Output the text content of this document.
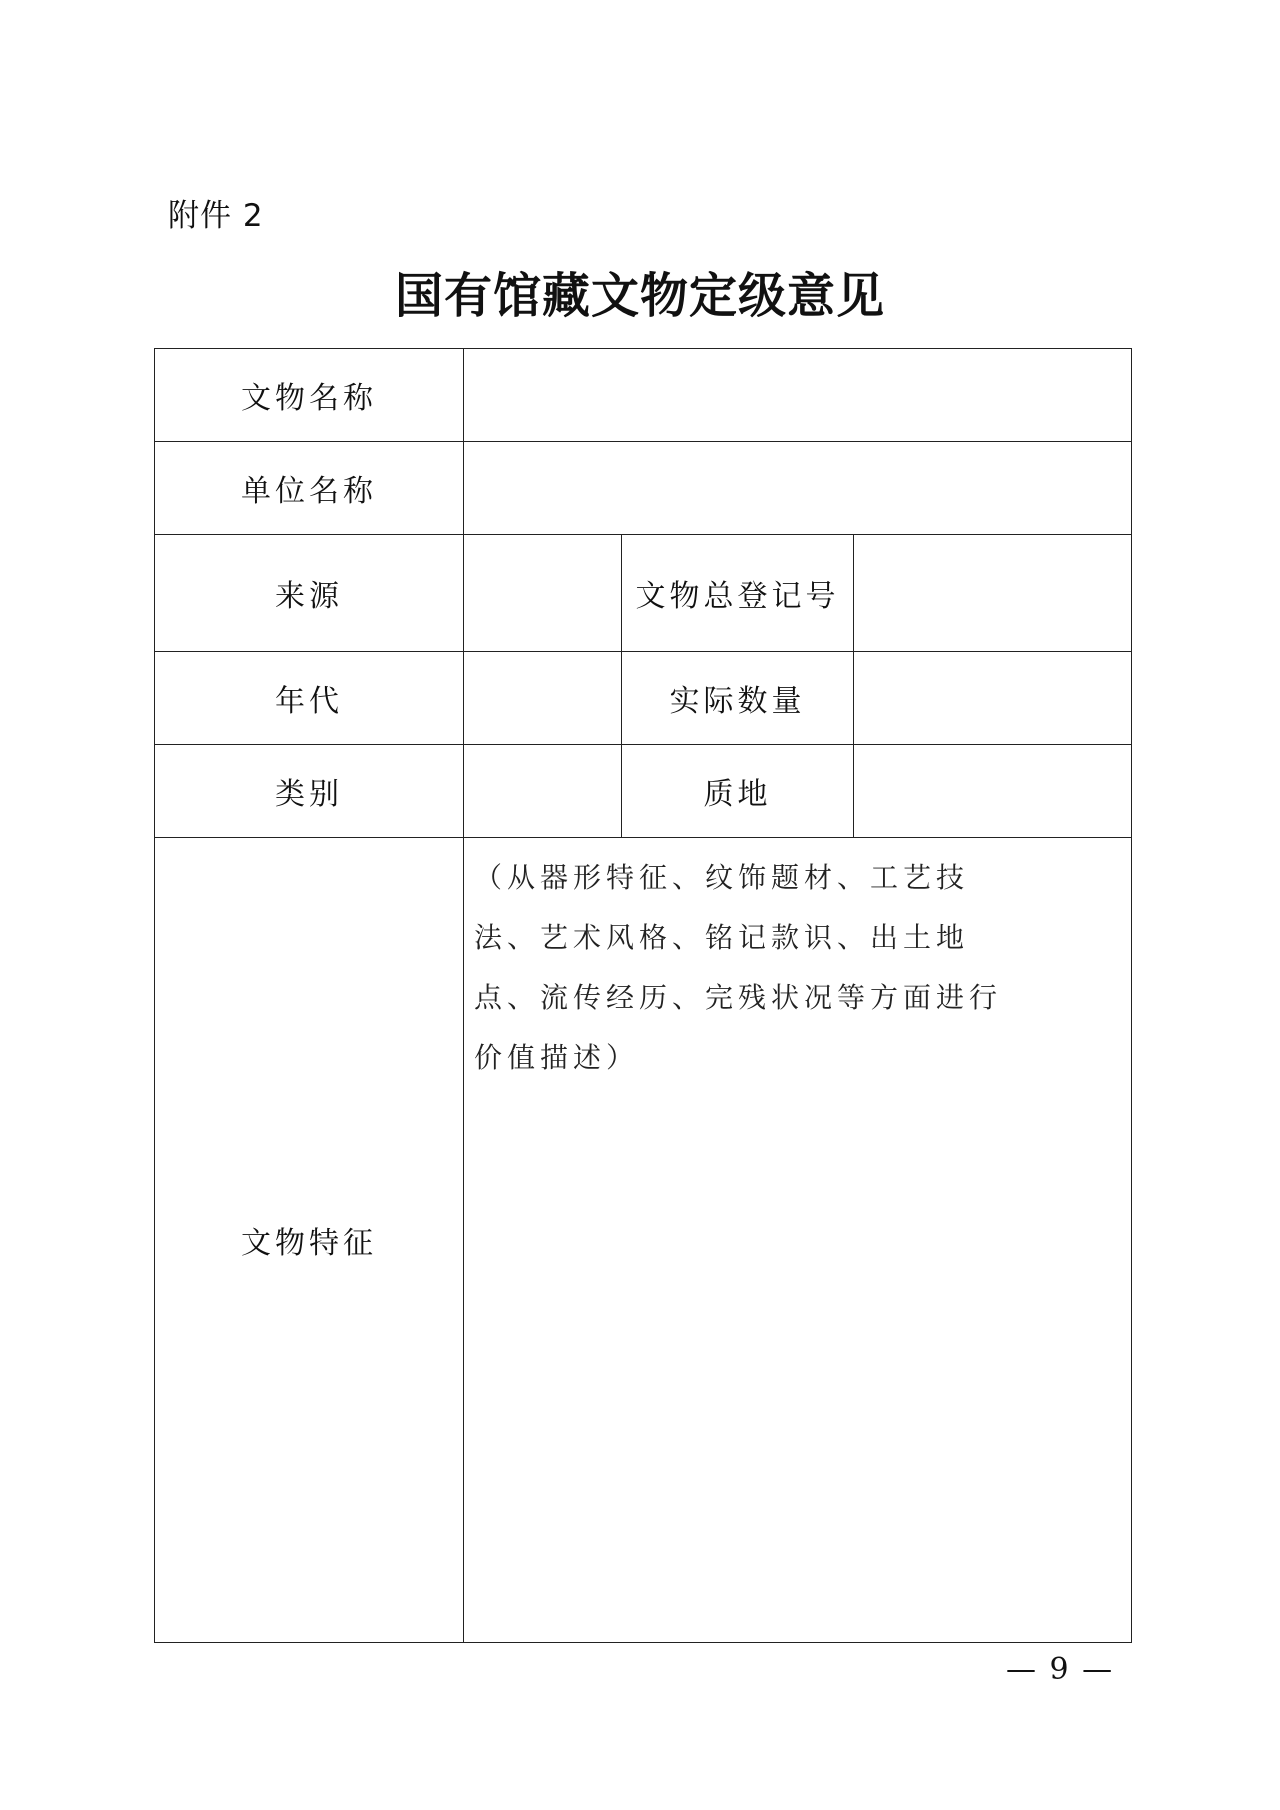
附件 2
国有馆藏文物定级意见
文物名称			
单位名称			
来源		文物总登记号	
年代		实际数量	
类别		质地	
文物特征	（从器形特征、纹饰题材、工艺技法、艺术风格、铭记款识、出土地点、流传经历、完残状况等方面进行价值描述）		

— 9 —
